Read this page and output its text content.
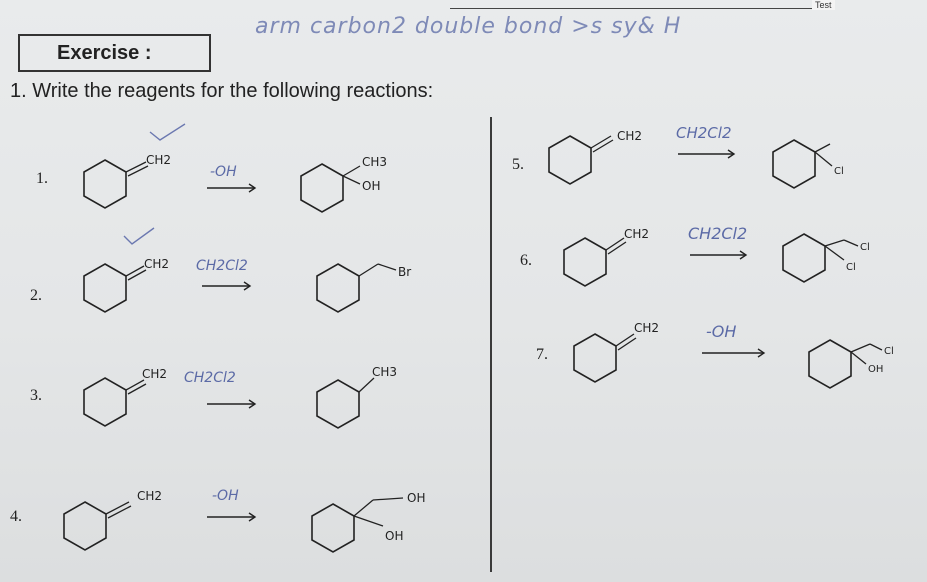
arm carbon2 double bond >s sy& H
Test
Exercise :
1. Write the reagents for the following reactions:
1.
CH2
-OH
CH3
OH
2.
CH2 CH2Cl2	Br
3.
CH2 CH2Cl2	CH3
4.
CH2	-OH	OH
OH
5.
CH2 CH2Cl2
Cl
6.
CH2 CH2Cl2
Cl
Cl
7.
CH2	-OH
Cl
OH
